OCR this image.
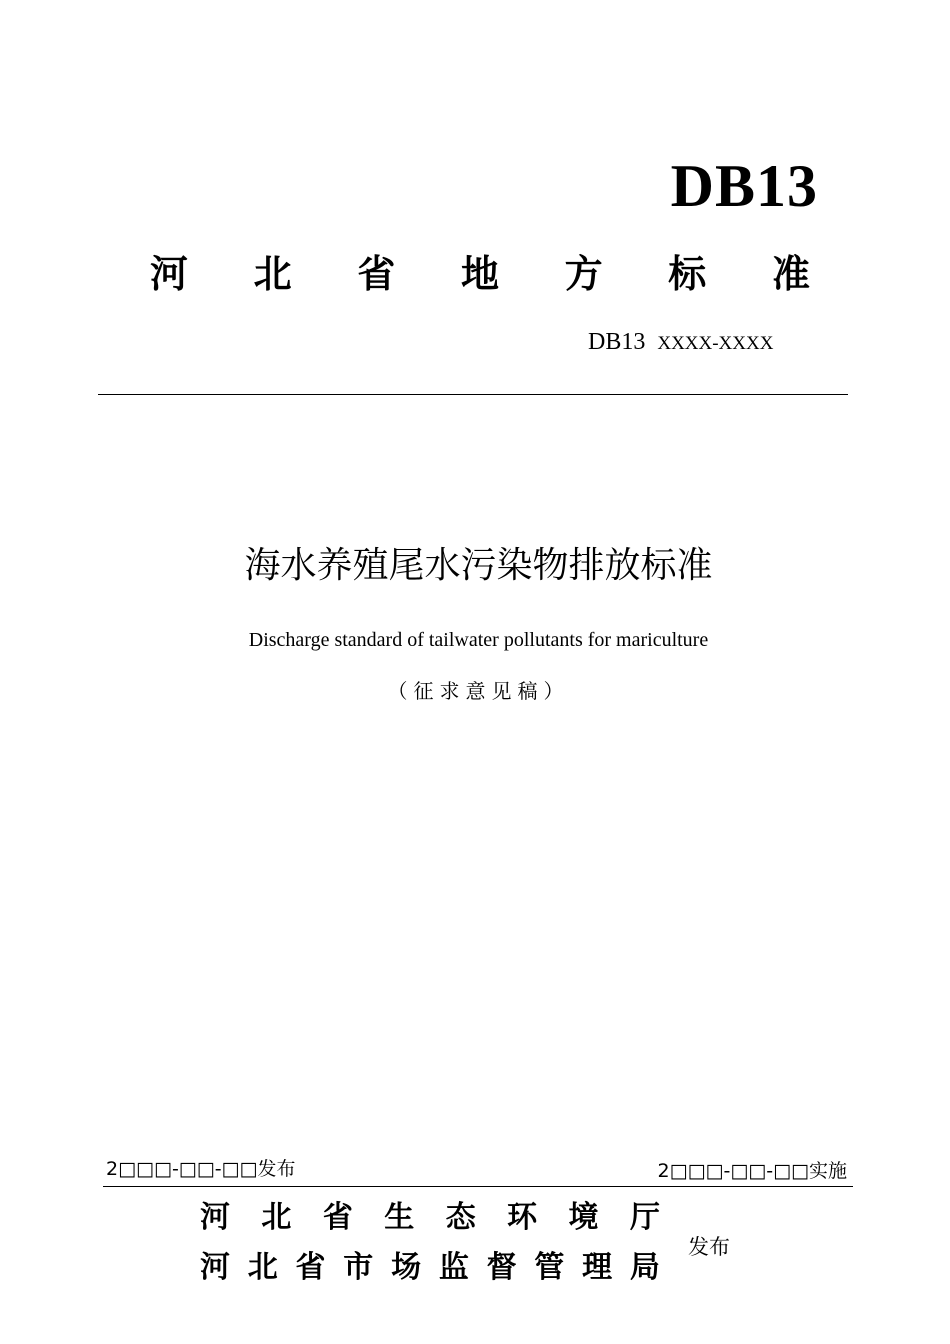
DB13
河 北 省 地 方 标 准
DB13 XXXX-XXXX
海水养殖尾水污染物排放标准
Discharge standard of tailwater pollutants for mariculture
（征求意见稿）
2□□□-□□-□□发布	2□□□-□□-□□实施
河 北 省 生 态 环 境 厅
河 北 省 市 场 监 督 管 理 局
发布
